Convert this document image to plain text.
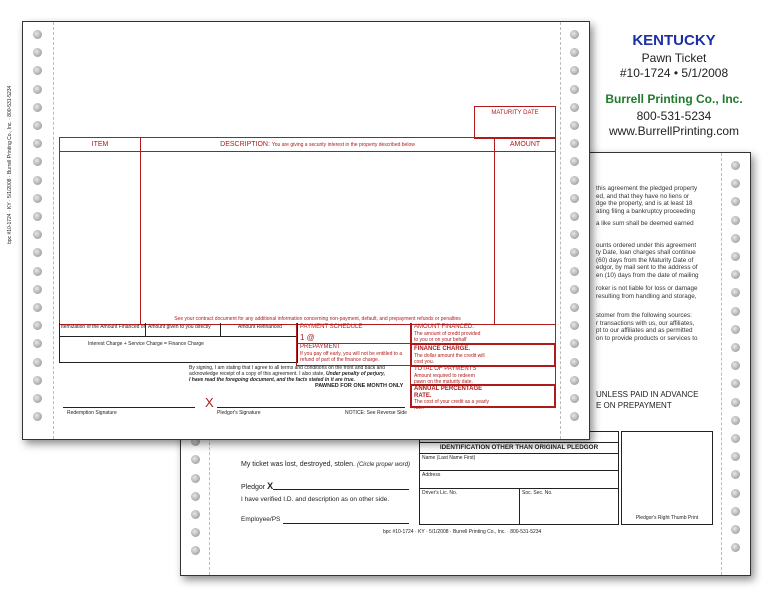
this agreement the pledged property
ed, and that they have no liens or
dge the property, and is at least 18
ating filing a bankruptcy proceeding
a like sum shall be deemed earned
ounts ordered under this agreement
ty Date, loan charges shall continue
(60) days from the Maturity Date of
edgor, by mail sent to the address of
en (10) days from the date of mailing
roker is not liable for loss or damage
resulting from handling and storage,
stomer from the following sources:
r transactions with us, our affiliates,
pt to our affiliates and as permitted
on to provide products or services to
UNLESS PAID IN ADVANCE
E ON PREPAYMENT
My ticket was lost, destroyed, stolen. (Circle proper word)
Pledgor X
I have verified I.D. and description as on other side.
Employee/PS
IDENTIFICATION OTHER THAN ORIGINAL PLEDGOR
Name (Last Name First)
Address
Driver's Lic. No.	Soc. Sec. No.
Pledgor's Right Thumb Print
bpc #10-1724 · KY · 5/1/2008 · Burrell Printing Co., Inc. · 800-531-5234
bpc #10-1724 · KY · 5/1/2008 · Burrell Printing Co., Inc. · 800-531-5234	MATURITY DATE
ITEM	DESCRIPTION: You are giving a security interest in the property described below	AMOUNT
See your contract document for any additional information concerning non-payment, default, and prepayment refunds or penalties
Itemization of the Amount Financed of Amount given to you directly	Amount Refinanced
Interest Charge + Service Charge = Finance Charge
PAYMENT SCHEDULE
1 @
PREPAYMENT
If you pay off early, you will not be entitled to a refund of part of the finance charge.
AMOUNT FINANCED.
The amount of credit provided to you or on your behalf
FINANCE CHARGE.
The dollar amount the credit will cost you.
TOTAL OF PAYMENTS
Amount required to redeem pawn on the maturity date.
ANNUAL PERCENTAGE RATE.
The cost of your credit as a yearly rate.
By signing, I am stating that I agree to all terms and conditions on the front and back and
acknowledge receipt of a copy of this agreement. I also state, Under penalty of perjury,
I have read the foregoing document, and the facts stated in it are true.
PAWNED FOR ONE MONTH ONLY
Redemption Signature
X
Pledgor's Signature	NOTICE: See Reverse Side
KENTUCKY
Pawn Ticket
#10-1724 • 5/1/2008
Burrell Printing Co., Inc.
800-531-5234
www.BurrellPrinting.com
